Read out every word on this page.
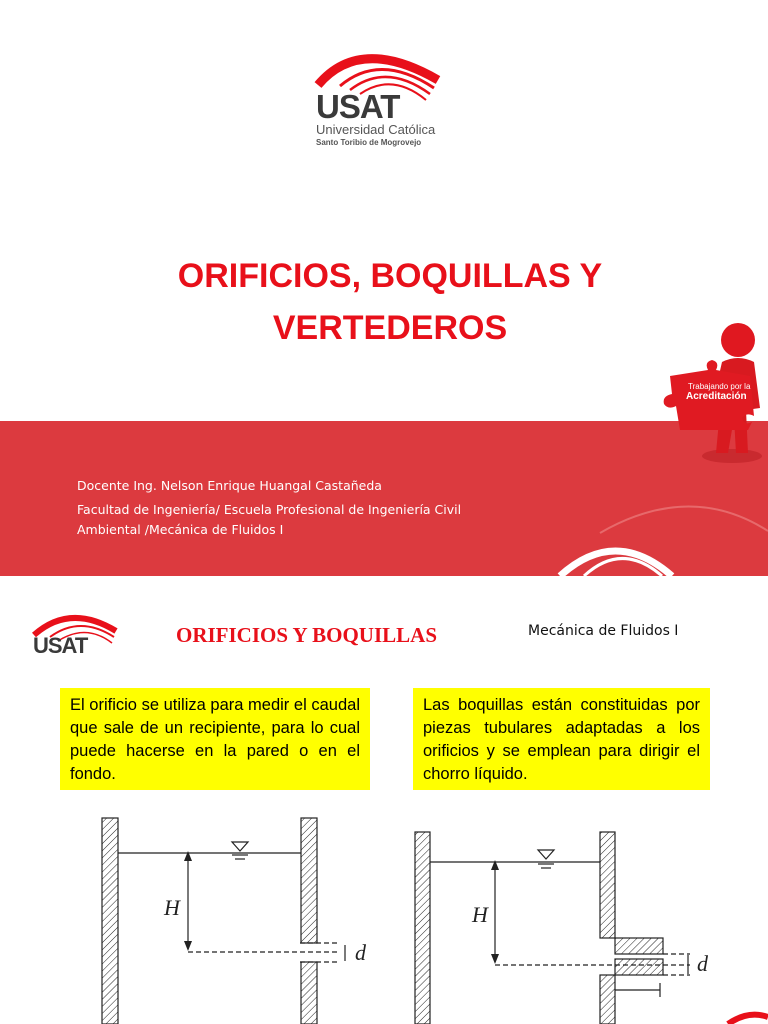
USAT
Universidad Católica
Santo Toribio de Mogrovejo
ORIFICIOS, BOQUILLAS Y
VERTEDEROS
Docente Ing. Nelson Enrique Huangal Castañeda
Facultad de Ingeniería/ Escuela Profesional de Ingeniería Civil
Ambiental /Mecánica de Fluidos I
Trabajando por la
Acreditación
USAT	ORIFICIOS Y BOQUILLAS	Mecánica de Fluidos I
El orificio se utiliza para medir el caudal que sale de un recipiente, para lo cual puede hacerse en la pared o en el fondo.
Las boquillas están constituidas por piezas tubulares adaptadas a los orificios y se emplean para dirigir el chorro líquido.
H
d
H
d
